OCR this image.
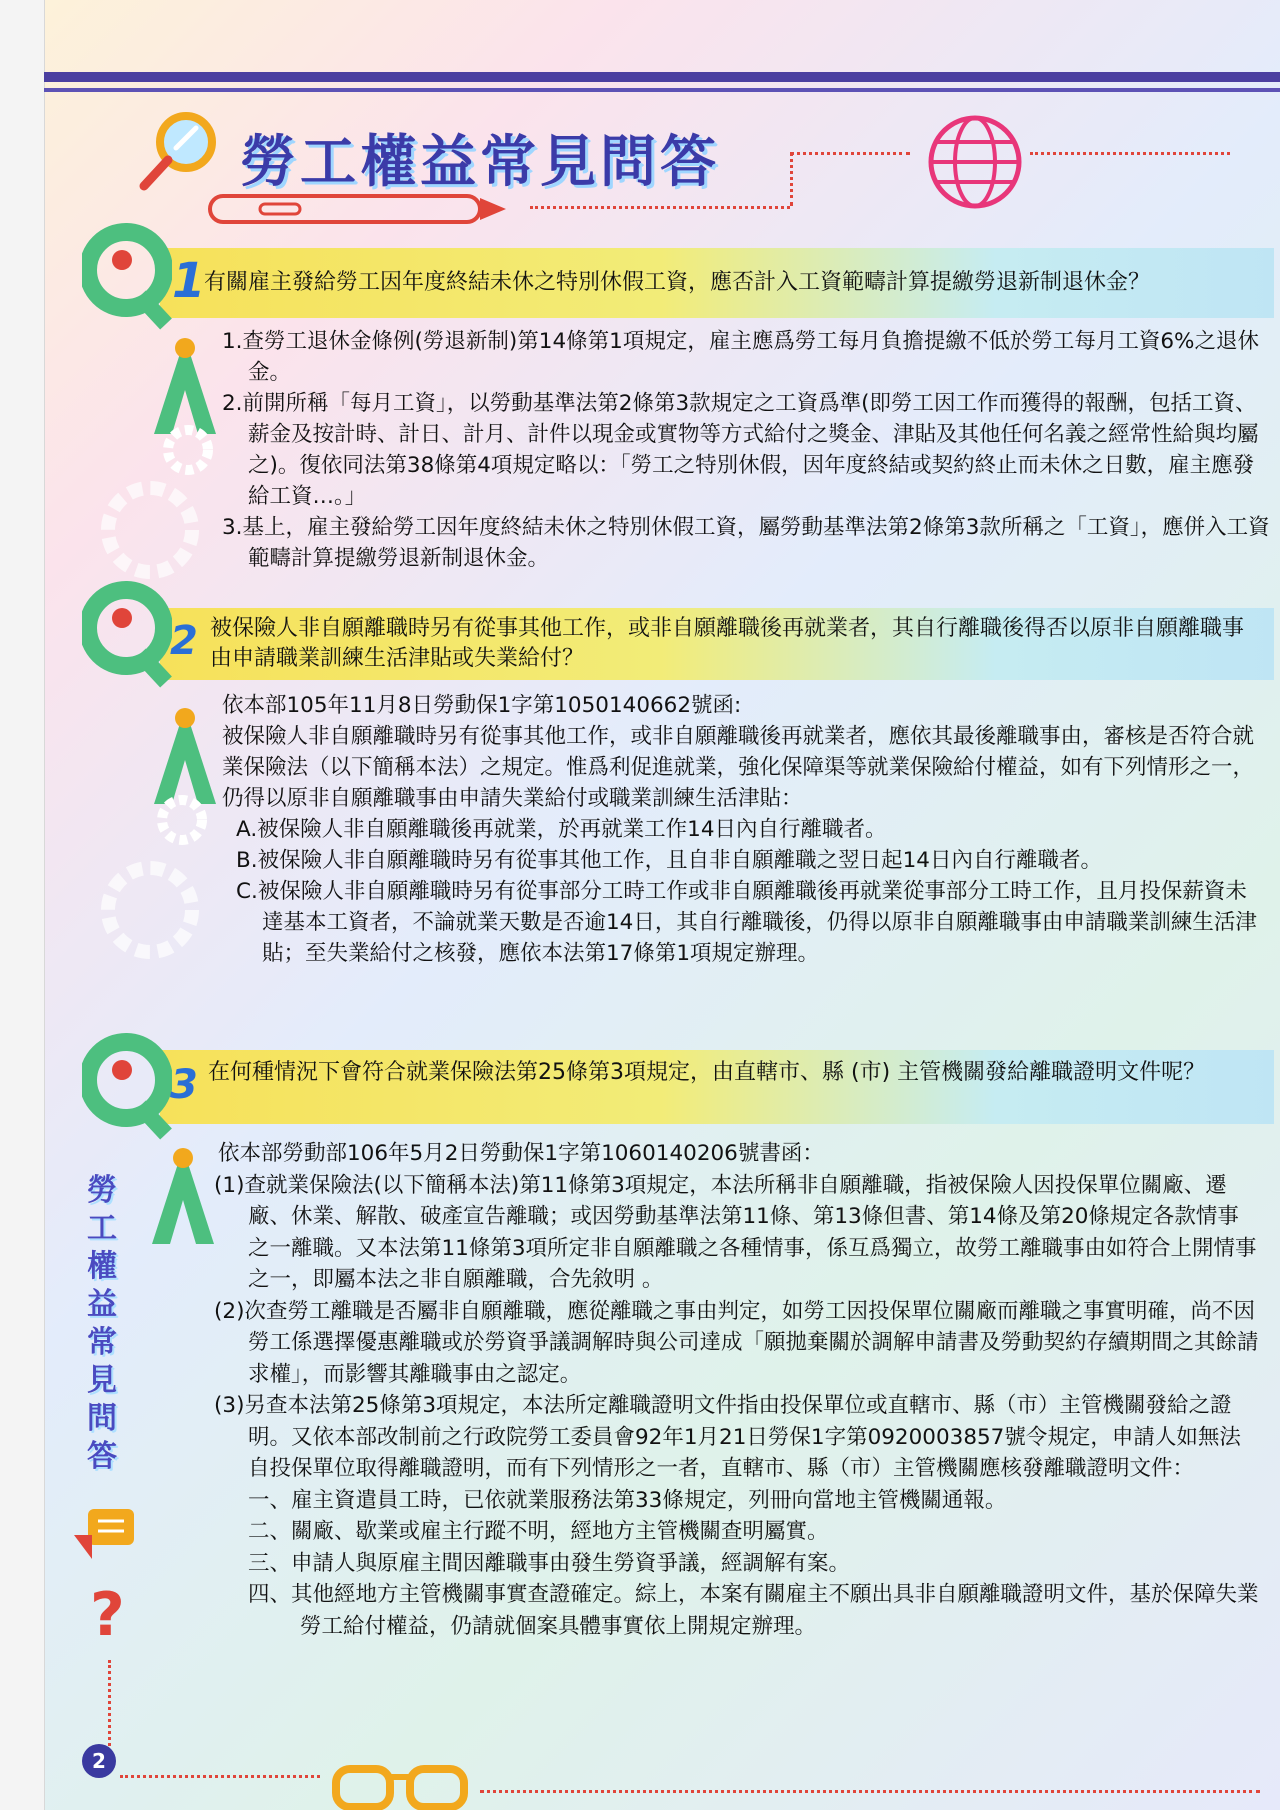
勞工權益常見問答
1
有關雇主發給勞工因年度終結未休之特別休假工資，應否計入工資範疇計算提繳勞退新制退休金？

1.查勞工退休金條例(勞退新制)第14條第1項規定，雇主應爲勞工每月負擔提繳不低於勞工每月工資6%之退休金。

2.前開所稱「每月工資」，以勞動基準法第2條第3款規定之工資爲準(即勞工因工作而獲得的報酬，包括工資、薪金及按計時、計日、計月、計件以現金或實物等方式給付之獎金、津貼及其他任何名義之經常性給與均屬之)。復依同法第38條第4項規定略以：「勞工之特別休假，因年度終結或契約終止而未休之日數，雇主應發給工資…。」

3.基上，雇主發給勞工因年度終結未休之特別休假工資，屬勞動基準法第2條第3款所稱之「工資」，應併入工資範疇計算提繳勞退新制退休金。

2 被保險人非自願離職時另有從事其他工作，或非自願離職後再就業者，其自行離職後得否以原非自願離職事由申請職業訓練生活津貼或失業給付？

依本部105年11月8日勞動保1字第1050140662號函:

被保險人非自願離職時另有從事其他工作，或非自願離職後再就業者，應依其最後離職事由，審核是否符合就業保險法（以下簡稱本法）之規定。惟爲利促進就業，強化保障渠等就業保險給付權益，如有下列情形之一，仍得以原非自願離職事由申請失業給付或職業訓練生活津貼：

A.被保險人非自願離職後再就業，於再就業工作14日內自行離職者。

B.被保險人非自願離職時另有從事其他工作，且自非自願離職之翌日起14日內自行離職者。

C.被保險人非自願離職時另有從事部分工時工作或非自願離職後再就業從事部分工時工作，且月投保薪資未達基本工資者，不論就業天數是否逾14日，其自行離職後，仍得以原非自願離職事由申請職業訓練生活津貼；至失業給付之核發，應依本法第17條第1項規定辦理。

3 在何種情況下會符合就業保險法第25條第3項規定，由直轄市、縣 (市) 主管機關發給離職證明文件呢？
勞工權益常見問答

依本部勞動部106年5月2日勞動保1字第1060140206號書函：

(1)查就業保險法(以下簡稱本法)第11條第3項規定，本法所稱非自願離職，指被保險人因投保單位關廠、遷廠、休業、解散、破產宣告離職；或因勞動基準法第11條、第13條但書、第14條及第20條規定各款情事之一離職。又本法第11條第3項所定非自願離職之各種情事，係互爲獨立，故勞工離職事由如符合上開情事之一，即屬本法之非自願離職，合先敘明 。

(2)次查勞工離職是否屬非自願離職，應從離職之事由判定，如勞工因投保單位關廠而離職之事實明確，尚不因勞工係選擇優惠離職或於勞資爭議調解時與公司達成「願拋棄關於調解申請書及勞動契約存續期間之其餘請求權」，而影響其離職事由之認定。

(3)另查本法第25條第3項規定，本法所定離職證明文件指由投保單位或直轄市、縣（市）主管機關發給之證明。又依本部改制前之行政院勞工委員會92年1月21日勞保1字第0920003857號令規定，申請人如無法自投保單位取得離職證明，而有下列情形之一者，直轄市、縣（市）主管機關應核發離職證明文件：

一、雇主資遣員工時，已依就業服務法第33條規定，列冊向當地主管機關通報。

二、關廠、歇業或雇主行蹤不明，經地方主管機關查明屬實。

三、申請人與原雇主間因離職事由發生勞資爭議，經調解有案。

四、其他經地方主管機關事實查證確定。綜上，本案有關雇主不願出具非自願離職證明文件，基於保障失業勞工給付權益，仍請就個案具體事實依上開規定辦理。

?
2
